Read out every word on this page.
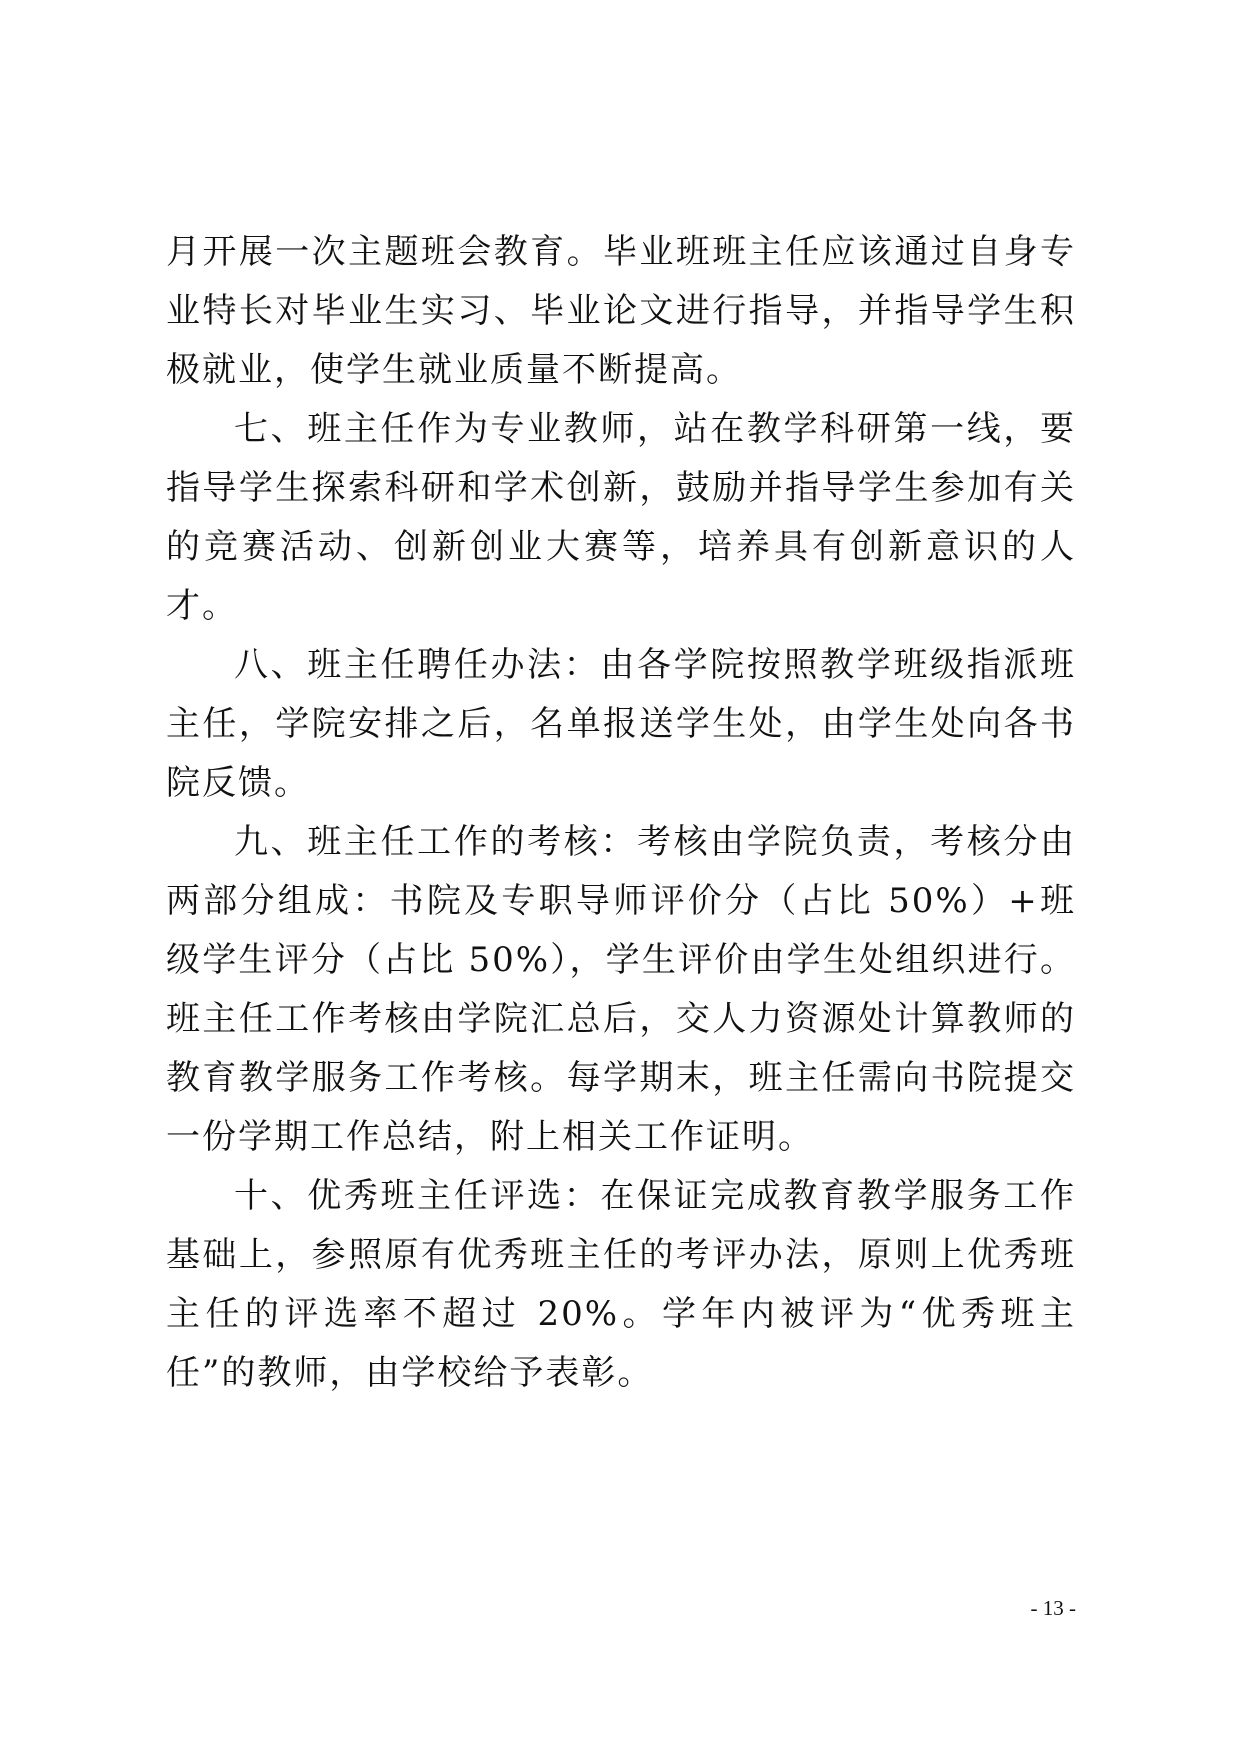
月开展一次主题班会教育。毕业班班主任应该通过自身专业特长对毕业生实习、毕业论文进行指导，并指导学生积极就业，使学生就业质量不断提高。

七、班主任作为专业教师，站在教学科研第一线，要指导学生探索科研和学术创新，鼓励并指导学生参加有关的竞赛活动、创新创业大赛等，培养具有创新意识的人才。

八、班主任聘任办法：由各学院按照教学班级指派班主任，学院安排之后，名单报送学生处，由学生处向各书院反馈。

九、班主任工作的考核：考核由学院负责，考核分由两部分组成：书院及专职导师评价分（占比 50%）+班级学生评分（占比 50%），学生评价由学生处组织进行。班主任工作考核由学院汇总后，交人力资源处计算教师的教育教学服务工作考核。每学期末，班主任需向书院提交一份学期工作总结，附上相关工作证明。

十、优秀班主任评选：在保证完成教育教学服务工作基础上，参照原有优秀班主任的考评办法，原则上优秀班主任的评选率不超过 20%。学年内被评为“优秀班主任”的教师，由学校给予表彰。

- 13 -
